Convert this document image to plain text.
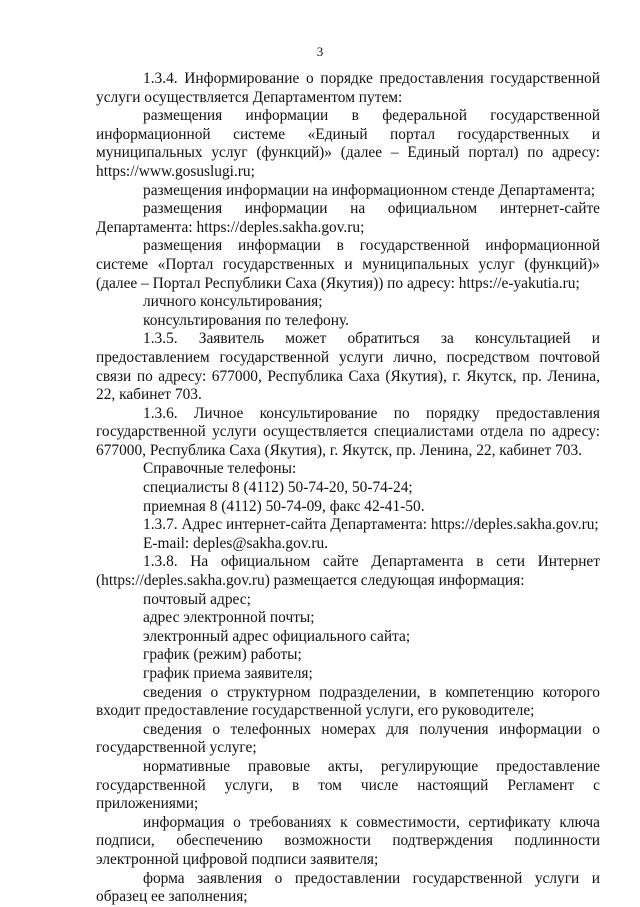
3

1.3.4. Информирование о порядке предоставления государственной услуги осуществляется Департаментом путем:

размещения информации в федеральной государственной информационной системе «Единый портал государственных и муниципальных услуг (функций)» (далее – Единый портал) по адресу: https://www.gosuslugi.ru;

размещения информации на информационном стенде Департамента;

размещения информации на официальном интернет-сайте Департамента: https://deples.sakha.gov.ru;

размещения информации в государственной информационной системе «Портал государственных и муниципальных услуг (функций)» (далее – Портал Республики Саха (Якутия)) по адресу: https://e-yakutia.ru;

личного консультирования;

консультирования по телефону.

1.3.5. Заявитель может обратиться за консультацией и предоставлением государственной услуги лично, посредством почтовой связи по адресу: 677000, Республика Саха (Якутия), г. Якутск, пр. Ленина, 22, кабинет 703.

1.3.6. Личное консультирование по порядку предоставления государственной услуги осуществляется специалистами отдела по адресу: 677000, Республика Саха (Якутия), г. Якутск, пр. Ленина, 22, кабинет 703.

Справочные телефоны:

специалисты 8 (4112) 50-74-20, 50-74-24;

приемная 8 (4112) 50-74-09, факс 42-41-50.

1.3.7. Адрес интернет-сайта Департамента: https://deples.sakha.gov.ru;

E-mail: deples@sakha.gov.ru.

1.3.8. На официальном сайте Департамента в сети Интернет (https://deples.sakha.gov.ru) размещается следующая информация:

почтовый адрес;

адрес электронной почты;

электронный адрес официального сайта;

график (режим) работы;

график приема заявителя;

сведения о структурном подразделении, в компетенцию которого входит предоставление государственной услуги, его руководителе;

сведения о телефонных номерах для получения информации о государственной услуге;

нормативные правовые акты, регулирующие предоставление государственной услуги, в том числе настоящий Регламент с приложениями;

информация о требованиях к совместимости, сертификату ключа подписи, обеспечению возможности подтверждения подлинности электронной цифровой подписи заявителя;

форма заявления о предоставлении государственной услуги и образец ее заполнения;
